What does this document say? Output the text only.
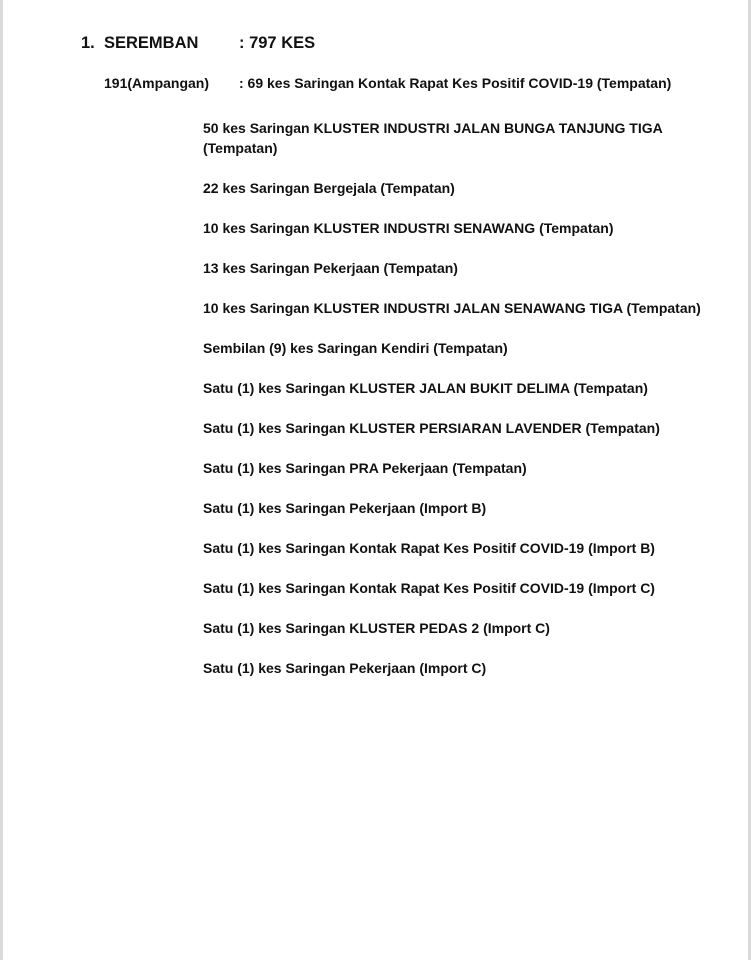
1. SEREMBAN : 797 KES
191(Ampangan) : 69 kes Saringan Kontak Rapat Kes Positif COVID-19 (Tempatan)
50 kes Saringan KLUSTER INDUSTRI JALAN BUNGA TANJUNG TIGA (Tempatan)
22 kes Saringan Bergejala (Tempatan)
10 kes Saringan KLUSTER INDUSTRI SENAWANG (Tempatan)
13 kes Saringan Pekerjaan (Tempatan)
10 kes Saringan KLUSTER INDUSTRI JALAN SENAWANG TIGA (Tempatan)
Sembilan (9) kes Saringan Kendiri (Tempatan)
Satu (1) kes Saringan KLUSTER JALAN BUKIT DELIMA (Tempatan)
Satu (1) kes Saringan KLUSTER PERSIARAN LAVENDER (Tempatan)
Satu (1) kes Saringan PRA Pekerjaan (Tempatan)
Satu (1) kes Saringan Pekerjaan (Import B)
Satu (1) kes Saringan Kontak Rapat Kes Positif COVID-19 (Import B)
Satu (1) kes Saringan Kontak Rapat Kes Positif COVID-19 (Import C)
Satu (1) kes Saringan KLUSTER PEDAS 2 (Import C)
Satu (1) kes Saringan Pekerjaan (Import C)
